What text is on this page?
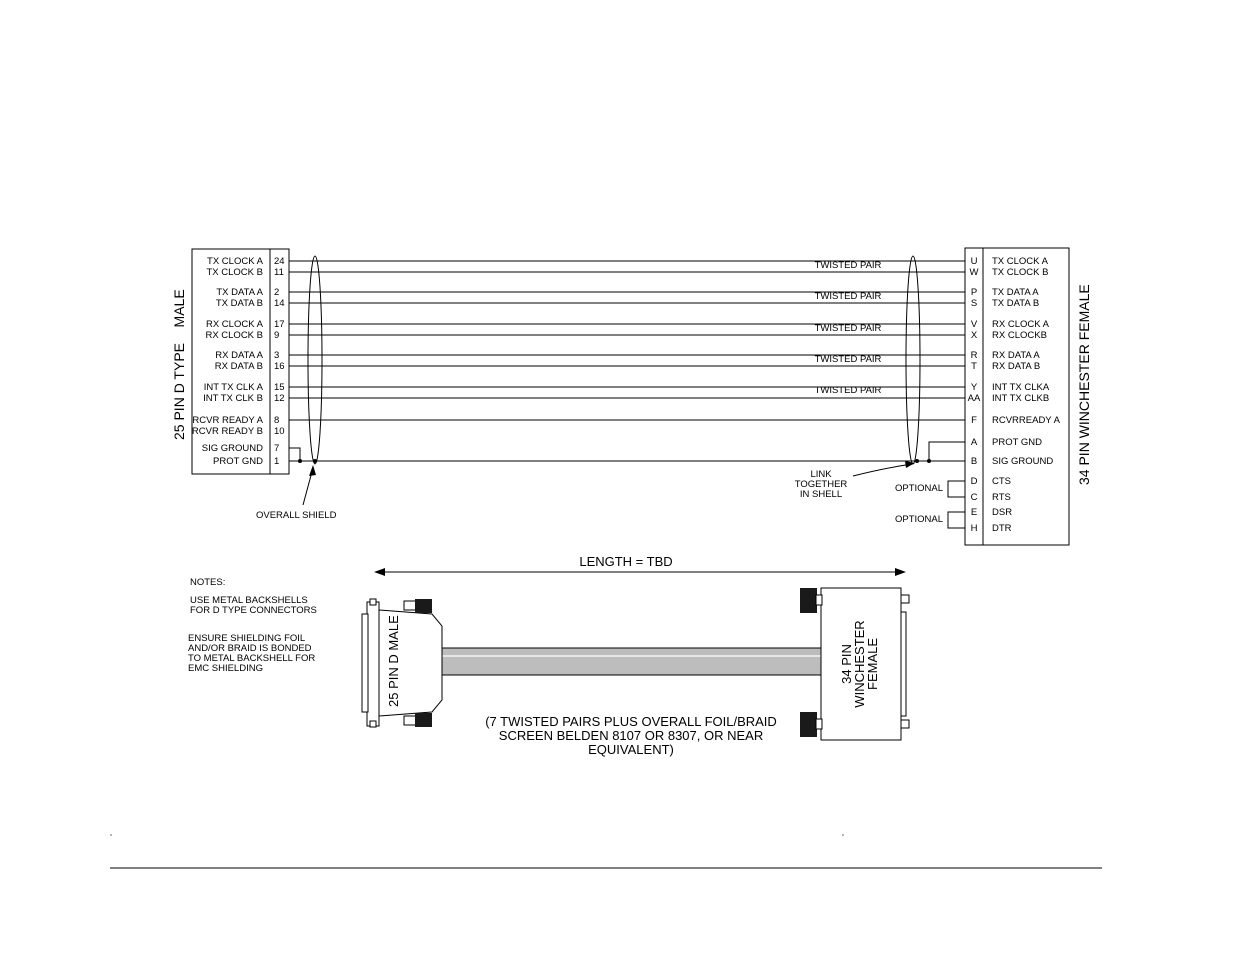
TX CLOCK A 24
TX CLOCK B 11
TX DATA A 2
TX DATA B 14
RX CLOCK A 17
RX CLOCK B 9
RX DATA A 3
RX DATA B 16
INT TX CLK A 15
INT TX CLK B 12
RCVR READY A 8
RCVR READY B 10
SIG GROUND 7
PROT GND 1
25 PIN D TYPE    MALE
U TX CLOCK A
W TX CLOCK B
P TX DATA A
S TX DATA B
V RX CLOCK A
X RX CLOCKB
R RX DATA A
T RX DATA B
Y INT TX CLKA
AA INT TX CLKB
F RCVRREADY A
A PROT GND
B SIG GROUND
D CTS
C RTS
E DSR
H DTR
34 PIN WINCHESTER FEMALE
TWISTED PAIR
TWISTED PAIR
TWISTED PAIR
TWISTED PAIR
TWISTED PAIR
OVERALL SHIELD
LINK
TOGETHER
IN SHELL
OPTIONAL
OPTIONAL
LENGTH = TBD
NOTES:
USE METAL BACKSHELLS
FOR D TYPE CONNECTORS
ENSURE SHIELDING FOIL
AND/OR BRAID IS BONDED
TO METAL BACKSHELL FOR
EMC SHIELDING	25 PIN D MALE	34 PIN
WINCHESTER
FEMALE
(7 TWISTED PAIRS PLUS OVERALL FOIL/BRAID
SCREEN BELDEN 8107 OR 8307, OR NEAR
EQUIVALENT)
